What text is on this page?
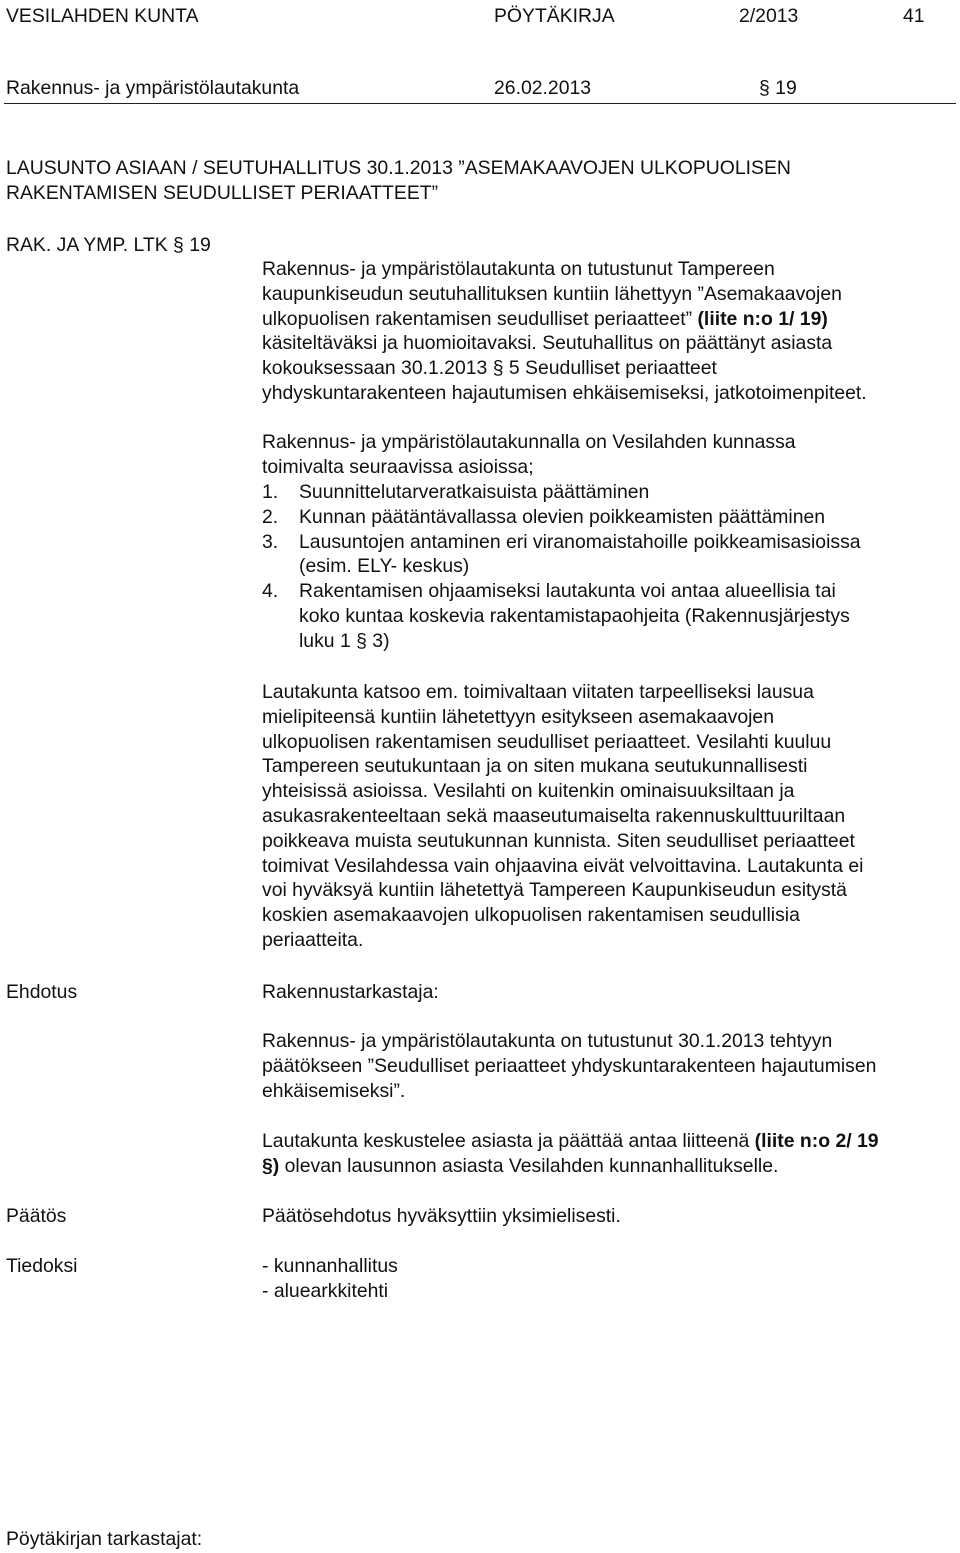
VESILAHDEN KUNTA	PÖYTÄKIRJA	2/2013	41
Rakennus- ja ympäristölautakunta	26.02.2013	§ 19
LAUSUNTO ASIAAN / SEUTUHALLITUS 30.1.2013 ”ASEMAKAAVOJEN ULKOPUOLISEN
RAKENTAMISEN SEUDULLISET PERIAATTEET”
RAK. JA YMP. LTK § 19
Rakennus- ja ympäristölautakunta on tutustunut Tampereen
kaupunkiseudun seutuhallituksen kuntiin lähettyyn ”Asemakaavojen
ulkopuolisen rakentamisen seudulliset periaatteet” (liite n:o 1/ 19)
käsiteltäväksi ja huomioitavaksi. Seutuhallitus on päättänyt asiasta
kokouksessaan 30.1.2013 § 5 Seudulliset periaatteet
yhdyskuntarakenteen hajautumisen ehkäisemiseksi, jatkotoimenpiteet.
Rakennus- ja ympäristölautakunnalla on Vesilahden kunnassa
toimivalta seuraavissa asioissa;
1.	Suunnittelutarveratkaisuista päättäminen
2.	Kunnan päätäntävallassa olevien poikkeamisten päättäminen
3.	Lausuntojen antaminen eri viranomaistahoille poikkeamisasioissa
(esim. ELY- keskus)
4.	Rakentamisen ohjaamiseksi lautakunta voi antaa alueellisia tai
koko kuntaa koskevia rakentamistapaohjeita (Rakennusjärjestys
luku 1 § 3)
Lautakunta katsoo em. toimivaltaan viitaten tarpeelliseksi lausua
mielipiteensä kuntiin lähetettyyn esitykseen asemakaavojen
ulkopuolisen rakentamisen seudulliset periaatteet. Vesilahti kuuluu
Tampereen seutukuntaan ja on siten mukana seutukunnallisesti
yhteisissä asioissa. Vesilahti on kuitenkin ominaisuuksiltaan ja
asukasrakenteeltaan sekä maaseutumaiselta rakennuskulttuuriltaan
poikkeava muista seutukunnan kunnista. Siten seudulliset periaatteet
toimivat Vesilahdessa vain ohjaavina eivät velvoittavina. Lautakunta ei
voi hyväksyä kuntiin lähetettyä Tampereen Kaupunkiseudun esitystä
koskien asemakaavojen ulkopuolisen rakentamisen seudullisia
periaatteita.
Ehdotus	Rakennustarkastaja:
Rakennus- ja ympäristölautakunta on tutustunut 30.1.2013 tehtyyn
päätökseen ”Seudulliset periaatteet yhdyskuntarakenteen hajautumisen
ehkäisemiseksi”.
Lautakunta keskustelee asiasta ja päättää antaa liitteenä (liite n:o 2/ 19
§) olevan lausunnon asiasta Vesilahden kunnanhallitukselle.
Päätös	Päätösehdotus hyväksyttiin yksimielisesti.
Tiedoksi	- kunnanhallitus
- aluearkkitehti
Pöytäkirjan tarkastajat:
